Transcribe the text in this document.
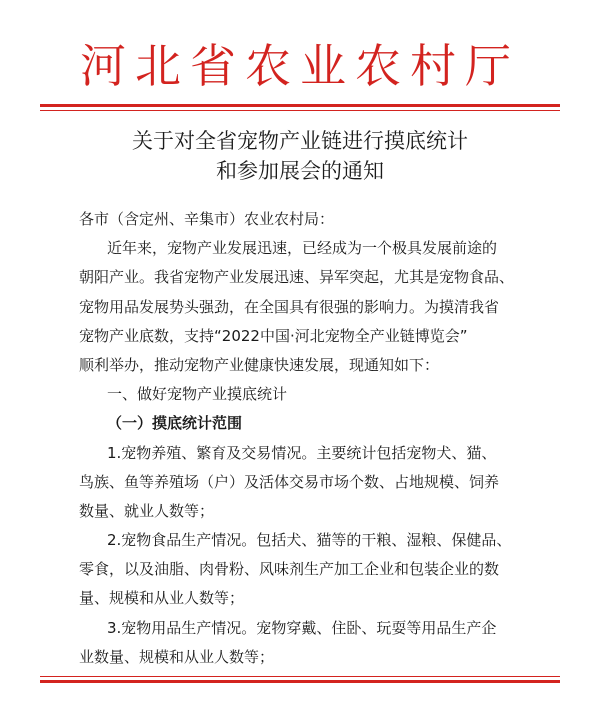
河北省农业农村厅
关于对全省宠物产业链进行摸底统计
和参加展会的通知
各市（含定州、辛集市）农业农村局：
近年来，宠物产业发展迅速，已经成为一个极具发展前途的
朝阳产业。我省宠物产业发展迅速、异军突起，尤其是宠物食品、
宠物用品发展势头强劲，在全国具有很强的影响力。为摸清我省
宠物产业底数，支持“2022中国·河北宠物全产业链博览会”
顺利举办，推动宠物产业健康快速发展，现通知如下：
一、做好宠物产业摸底统计
（一）摸底统计范围
1.宠物养殖、繁育及交易情况。主要统计包括宠物犬、猫、
鸟族、鱼等养殖场（户）及活体交易市场个数、占地规模、饲养
数量、就业人数等；
2.宠物食品生产情况。包括犬、猫等的干粮、湿粮、保健品、
零食，以及油脂、肉骨粉、风味剂生产加工企业和包装企业的数
量、规模和从业人数等；
3.宠物用品生产情况。宠物穿戴、住卧、玩耍等用品生产企
业数量、规模和从业人数等；
